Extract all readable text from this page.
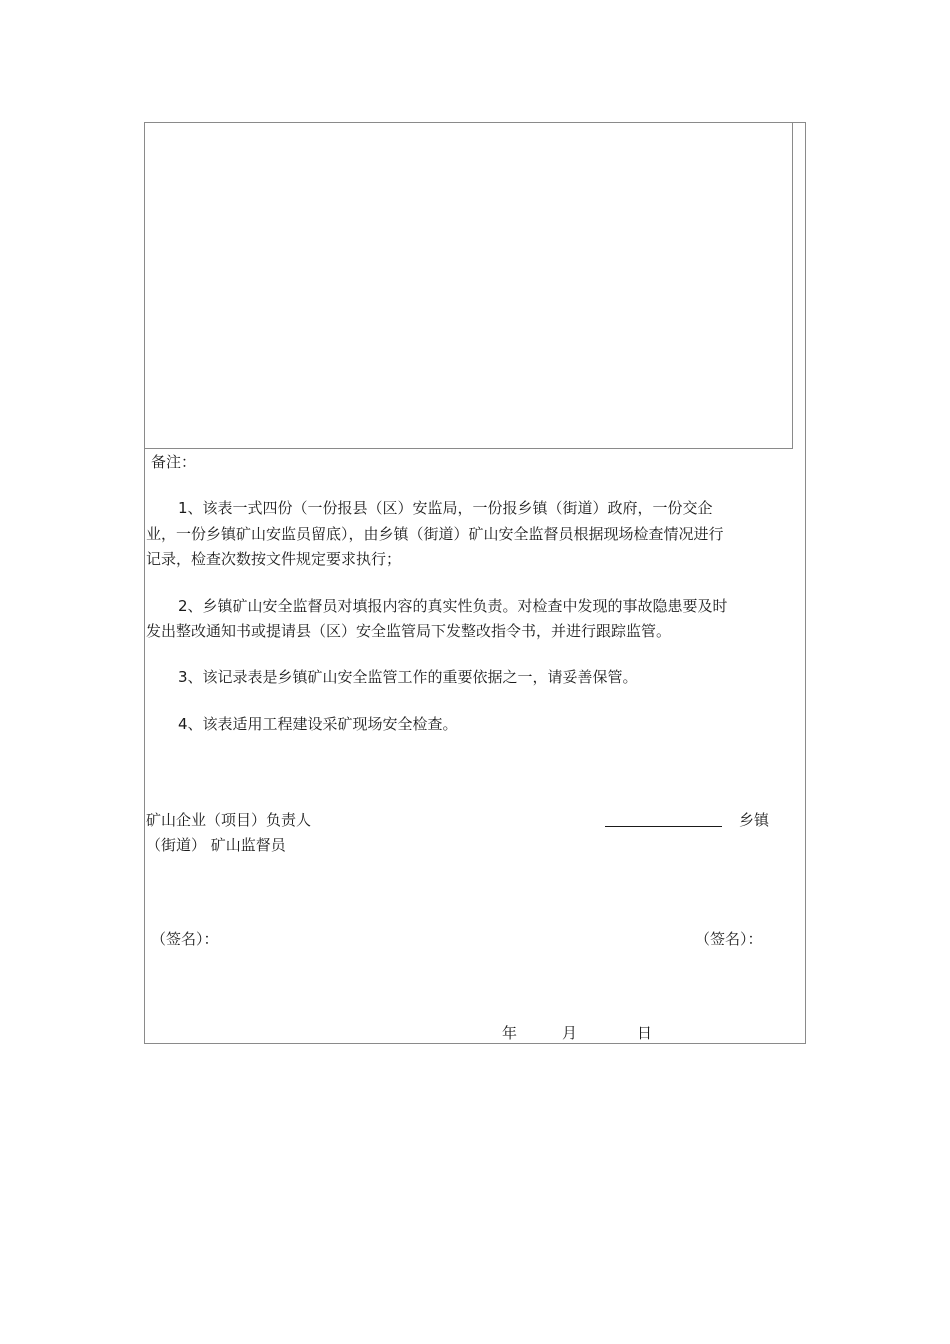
备注：
1、该表一式四份（一份报县（区）安监局，一份报乡镇（街道）政府，一份交企
业，一份乡镇矿山安监员留底），由乡镇（街道）矿山安全监督员根据现场检查情况进行
记录，检查次数按文件规定要求执行；
2、乡镇矿山安全监督员对填报内容的真实性负责。对检查中发现的事故隐患要及时
发出整改通知书或提请县（区）安全监管局下发整改指令书，并进行跟踪监管。
3、该记录表是乡镇矿山安全监管工作的重要依据之一，请妥善保管。
4、该表适用工程建设采矿现场安全检查。
矿山企业（项目）负责人	乡镇
（街道） 矿山监督员
（签名）：	（签名）：
年	月	日
